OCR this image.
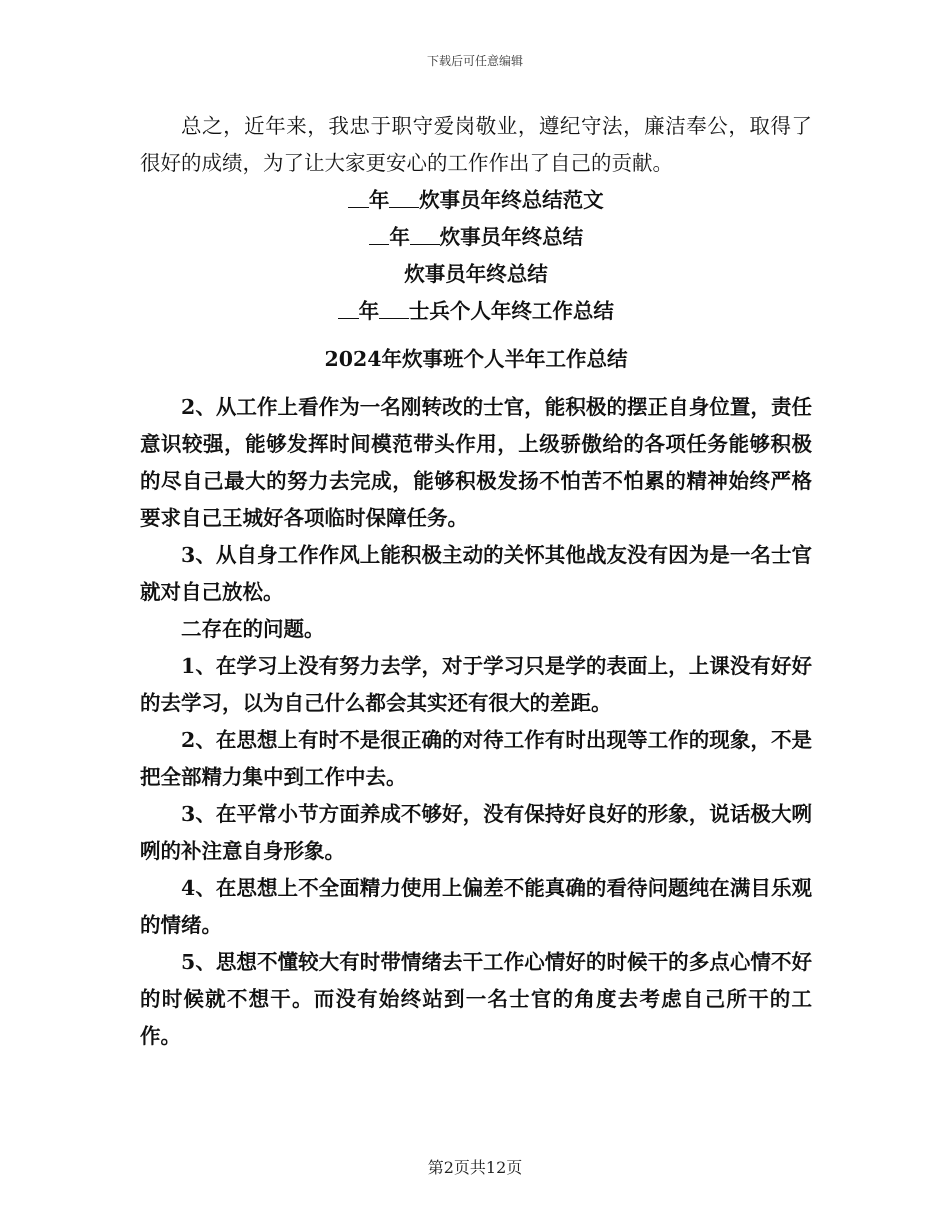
下载后可任意编辑

总之，近年来，我忠于职守爱岗敬业，遵纪守法，廉洁奉公，取得了很好的成绩，为了让大家更安心的工作作出了自己的贡献。

年 炊事员年终总结范文

年 炊事员年终总结

炊事员年终总结

年 士兵个人年终工作总结

2024年炊事班个人半年工作总结

2、从工作上看作为一名刚转改的士官，能积极的摆正自身位置，责任意识较强，能够发挥时间模范带头作用，上级骄傲给的各项任务能够积极的尽自己最大的努力去完成，能够积极发扬不怕苦不怕累的精神始终严格要求自己王城好各项临时保障任务。

3、从自身工作作风上能积极主动的关怀其他战友没有因为是一名士官就对自己放松。

二存在的问题。

1、在学习上没有努力去学，对于学习只是学的表面上，上课没有好好的去学习，以为自己什么都会其实还有很大的差距。

2、在思想上有时不是很正确的对待工作有时出现等工作的现象，不是把全部精力集中到工作中去。

3、在平常小节方面养成不够好，没有保持好良好的形象，说话极大咧咧的补注意自身形象。

4、在思想上不全面精力使用上偏差不能真确的看待问题纯在满目乐观的情绪。

5、思想不懂较大有时带情绪去干工作心情好的时候干的多点心情不好的时候就不想干。而没有始终站到一名士官的角度去考虑自己所干的工作。

第2页共12页
